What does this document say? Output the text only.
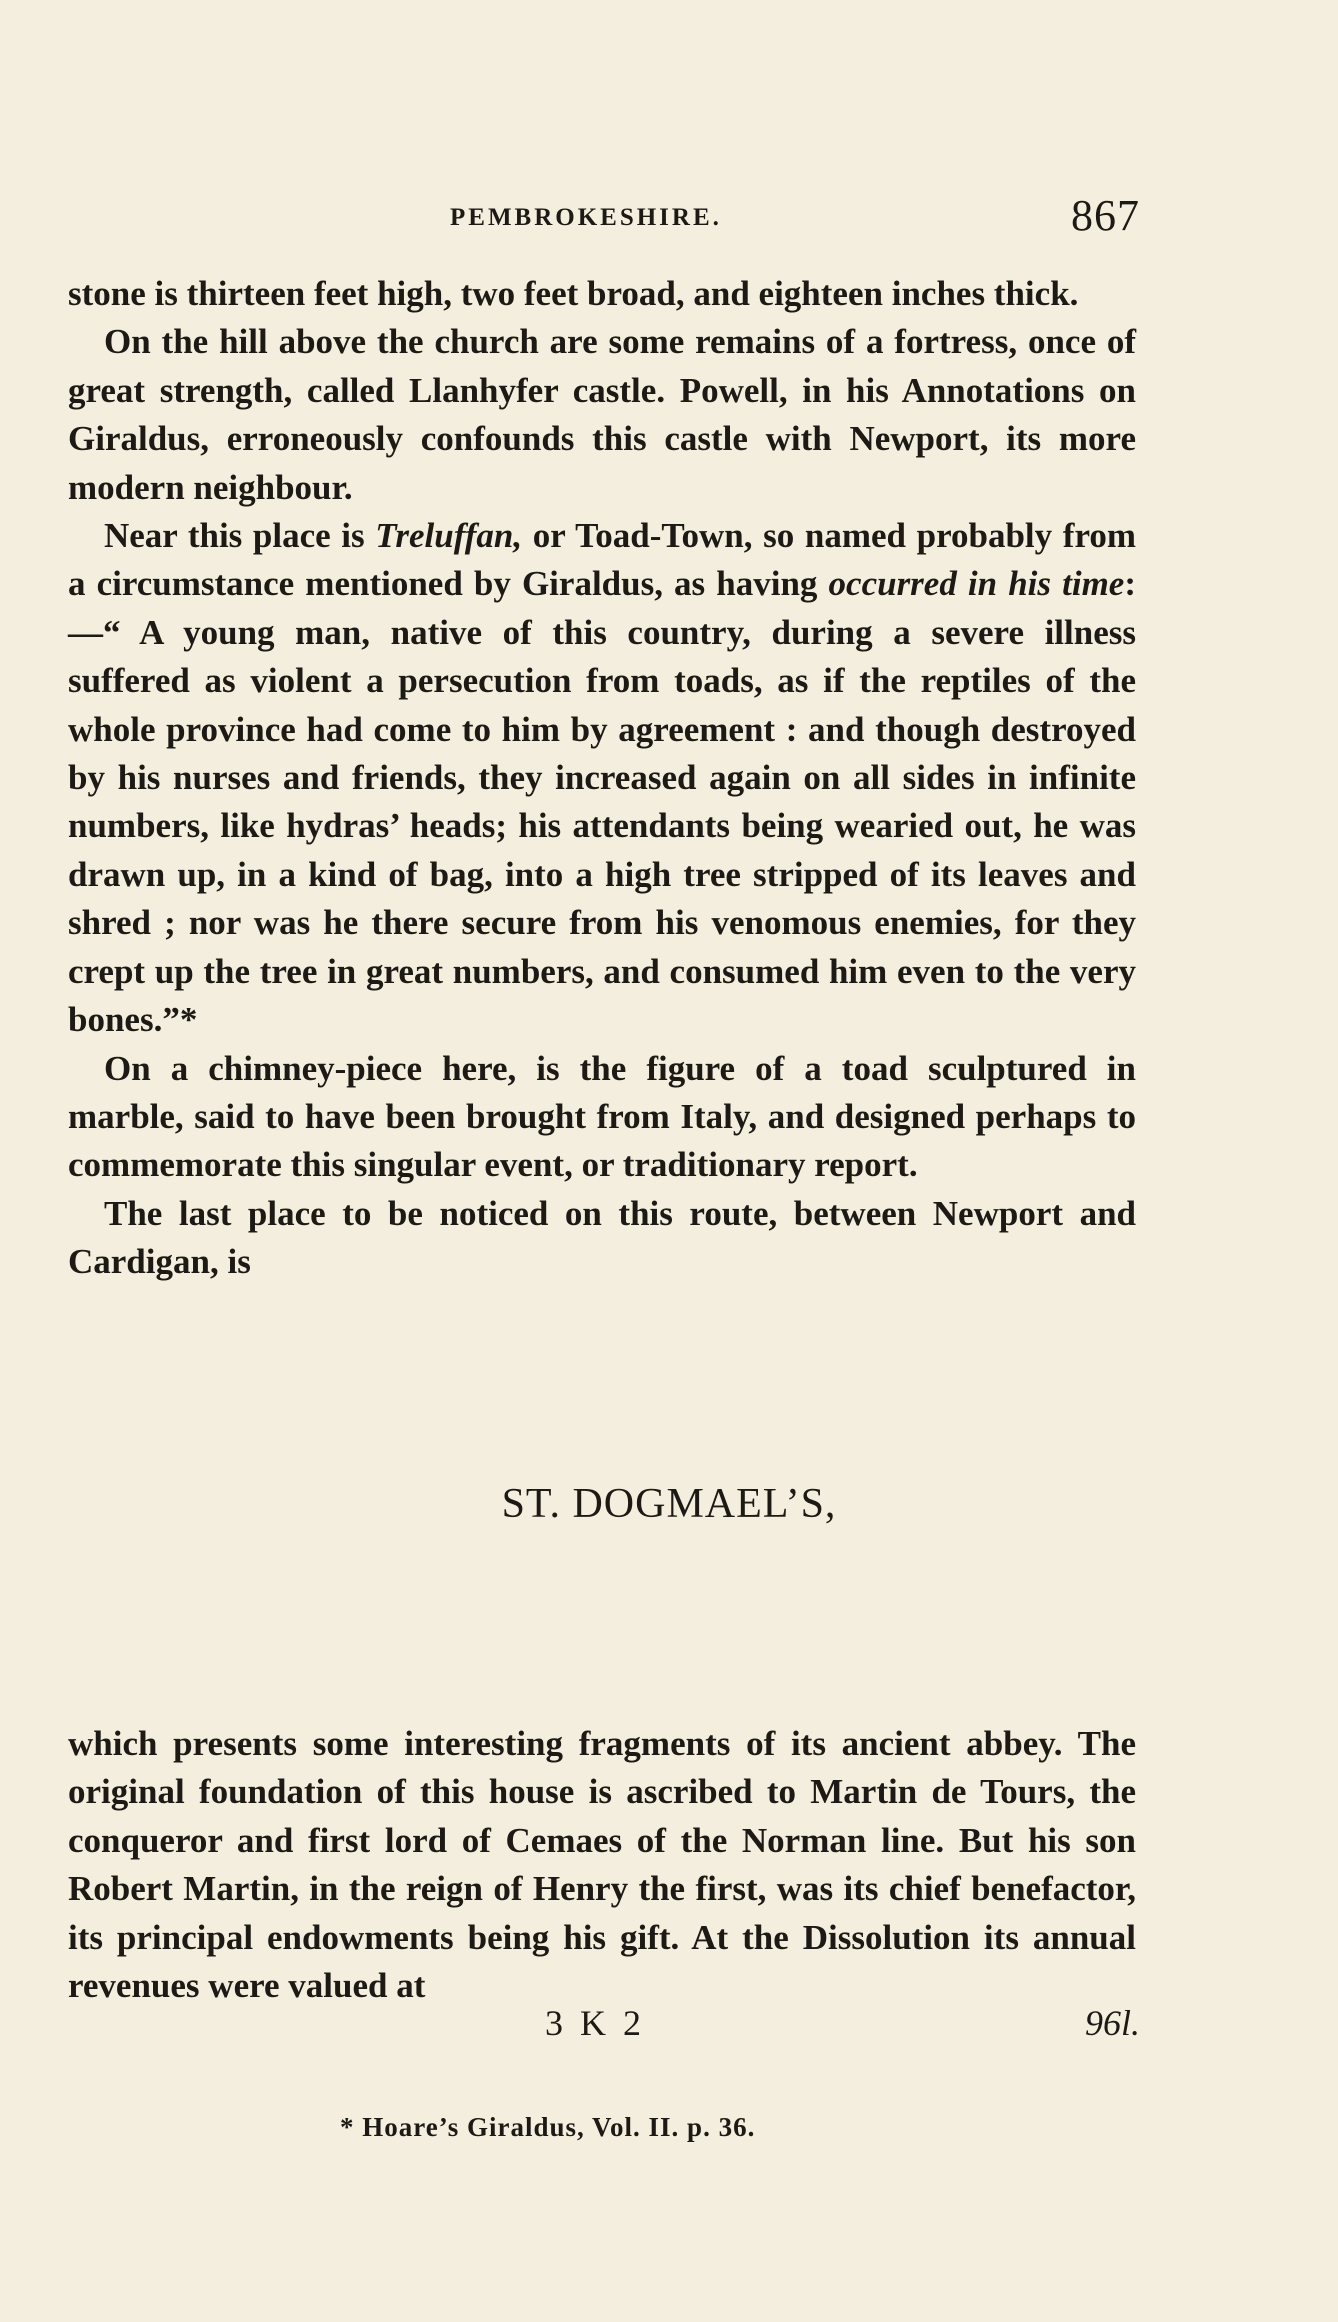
PEMBROKESHIRE.	867

stone is thirteen feet high, two feet broad, and eighteen inches thick.

On the hill above the church are some remains of a fortress, once of great strength, called Llanhyfer castle. Powell, in his Annotations on Giraldus, erroneously confounds this castle with Newport, its more modern neighbour.

Near this place is Treluffan, or Toad-Town, so named probably from a circumstance mentioned by Giraldus, as having occurred in his time:—“ A young man, native of this country, during a severe illness suffered as violent a persecution from toads, as if the reptiles of the whole province had come to him by agreement : and though destroyed by his nurses and friends, they increased again on all sides in infinite numbers, like hydras’ heads; his attendants being wearied out, he was drawn up, in a kind of bag, into a high tree stripped of its leaves and shred ; nor was he there secure from his venomous enemies, for they crept up the tree in great numbers, and consumed him even to the very bones.”*

On a chimney-piece here, is the figure of a toad sculptured in marble, said to have been brought from Italy, and designed perhaps to commemorate this singular event, or traditionary report.

The last place to be noticed on this route, between Newport and Cardigan, is

ST. DOGMAEL’S,

which presents some interesting fragments of its ancient abbey. The original foundation of this house is ascribed to Martin de Tours, the conqueror and first lord of Cemaes of the Norman line. But his son Robert Martin, in the reign of Henry the first, was its chief benefactor, its principal endowments being his gift. At the Dissolution its annual revenues were valued at

3 K 2	96l.
* Hoare’s Giraldus, Vol. II. p. 36.
